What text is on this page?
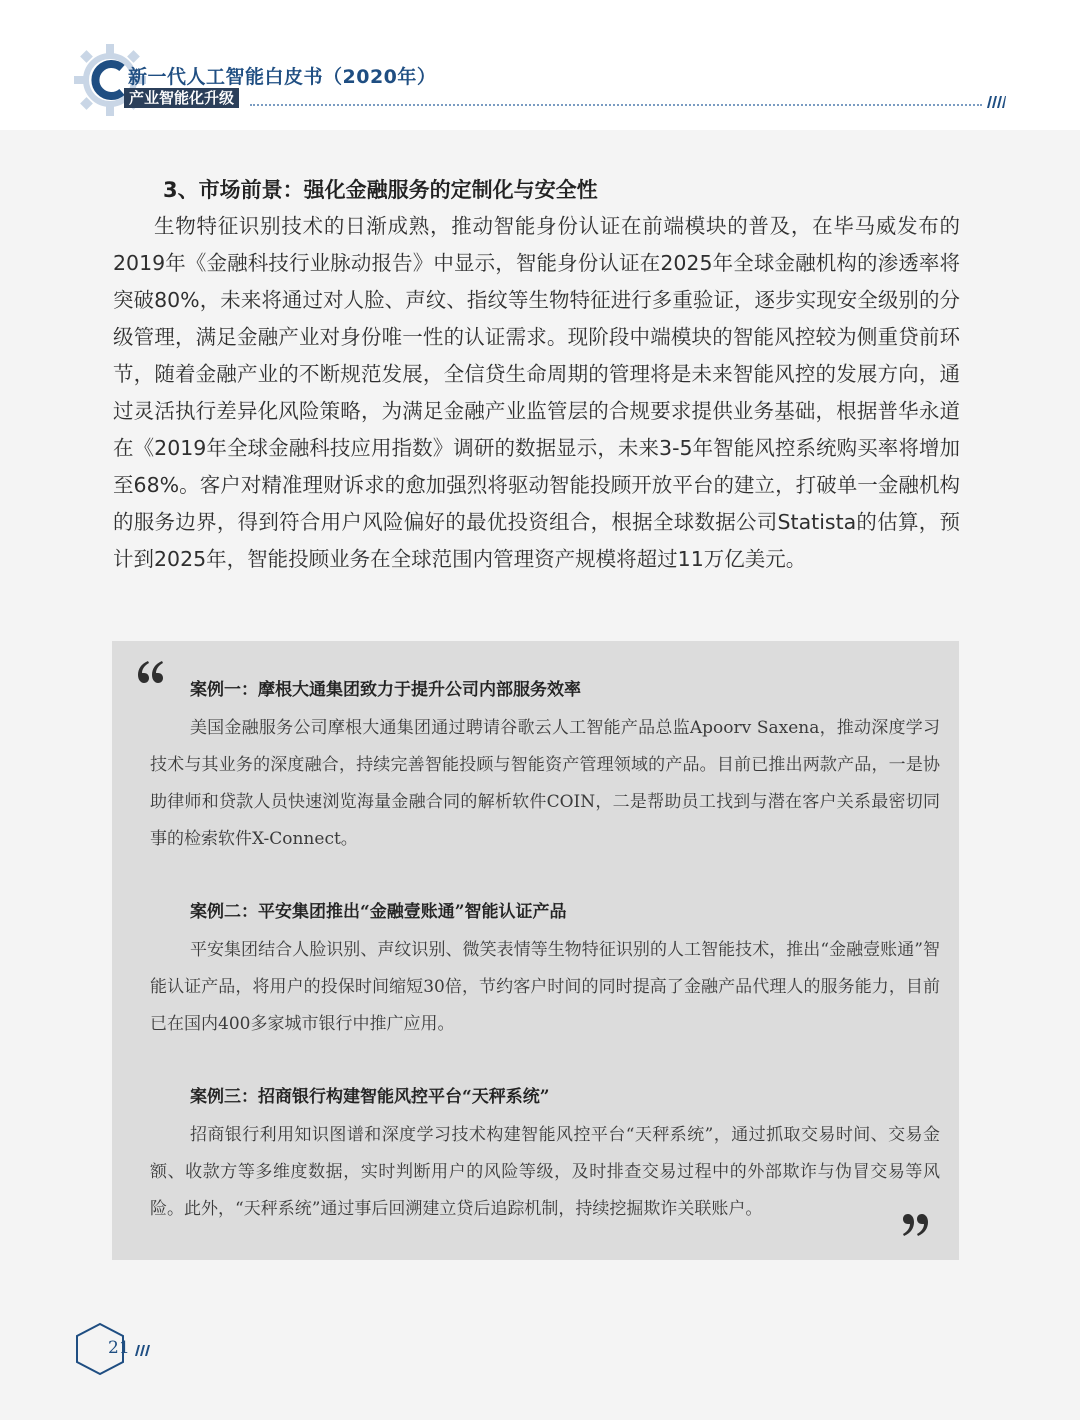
新一代人工智能白皮书（2020年）
产业智能化升级
3、市场前景：强化金融服务的定制化与安全性

生物特征识别技术的日渐成熟，推动智能身份认证在前端模块的普及，在毕马威发布的2019年《金融科技行业脉动报告》中显示，智能身份认证在2025年全球金融机构的渗透率将突破80%，未来将通过对人脸、声纹、指纹等生物特征进行多重验证，逐步实现安全级别的分级管理，满足金融产业对身份唯一性的认证需求。现阶段中端模块的智能风控较为侧重贷前环节，随着金融产业的不断规范发展，全信贷生命周期的管理将是未来智能风控的发展方向，通过灵活执行差异化风险策略，为满足金融产业监管层的合规要求提供业务基础，根据普华永道在《2019年全球金融科技应用指数》调研的数据显示，未来3-5年智能风控系统购买率将增加至68%。客户对精准理财诉求的愈加强烈将驱动智能投顾开放平台的建立，打破单一金融机构的服务边界，得到符合用户风险偏好的最优投资组合，根据全球数据公司Statista的估算，预计到2025年，智能投顾业务在全球范围内管理资产规模将超过11万亿美元。

案例一：摩根大通集团致力于提升公司内部服务效率

美国金融服务公司摩根大通集团通过聘请谷歌云人工智能产品总监Apoorv Saxena，推动深度学习技术与其业务的深度融合，持续完善智能投顾与智能资产管理领域的产品。目前已推出两款产品，一是协助律师和贷款人员快速浏览海量金融合同的解析软件COIN，二是帮助员工找到与潜在客户关系最密切同事的检索软件X-Connect。

案例二：平安集团推出“金融壹账通”智能认证产品

平安集团结合人脸识别、声纹识别、微笑表情等生物特征识别的人工智能技术，推出“金融壹账通”智能认证产品，将用户的投保时间缩短30倍，节约客户时间的同时提高了金融产品代理人的服务能力，目前已在国内400多家城市银行中推广应用。

案例三：招商银行构建智能风控平台“天秤系统”

招商银行利用知识图谱和深度学习技术构建智能风控平台“天秤系统”，通过抓取交易时间、交易金额、收款方等多维度数据，实时判断用户的风险等级，及时排查交易过程中的外部欺诈与伪冒交易等风险。此外，“天秤系统”通过事后回溯建立贷后追踪机制，持续挖掘欺诈关联账户。

21
